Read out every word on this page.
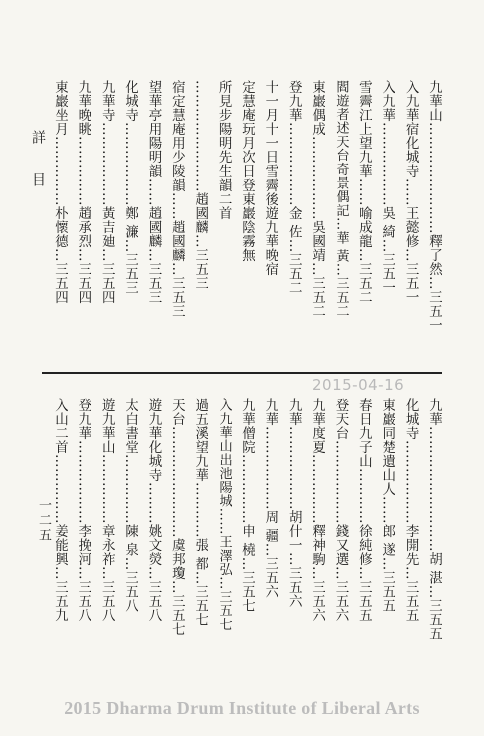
詳目
一二五
九華山……………………釋了然…三五一
入九華宿化城寺……王懿修…三五一
入九華………………吳 綺…三五一
雪霽江上望九華……喻成龍…三五二
閻遊者述天台奇景偶記…華 黃…三五二
東巖偶成………………吳國靖…三五二
登九華………………金 佐…三五二
十一月十一日雪霽後遊九華晚宿
定慧庵玩月次日登東巖陰霧無
所見步陽明先生韻二首
……………………趙國麟…三五三
宿定慧庵用少陵韻……趙國麟…三五三
望華亭用陽明韻……趙國麟…三五三
化城寺………………鄭 濂…三五三
九華寺………………黃吉廸…三五四
九華晚眺……………趙承烈…三五四
東巖坐月……………朴懷德…三五四
2015-04-16
九華………………………胡 湛…三五五
化城寺………………李開先…三五五
東巖同楚遺山人……郎 遂…三五五
春日九子山…………徐純修…三五五
登天台………………錢又選…三五六
九華度夏……………釋神駒…三五六
九華………………胡什一…三五六
九華………………周 疆…三五六
九華僧院……………申 橈…三五七
入九華山出池陽城……王澤弘…三五七
過五溪望九華…………張 都…三五七
天台……………………虞邦瓊…三五七
遊九華化城寺………姚文熒…三五八
太白書堂……………陳 泉…三五八
遊九華山……………章永祚…三五八
登九華………………李挽河…三五八
入山二首……………姜能興…三五九
2015 Dharma Drum Institute of Liberal Arts
